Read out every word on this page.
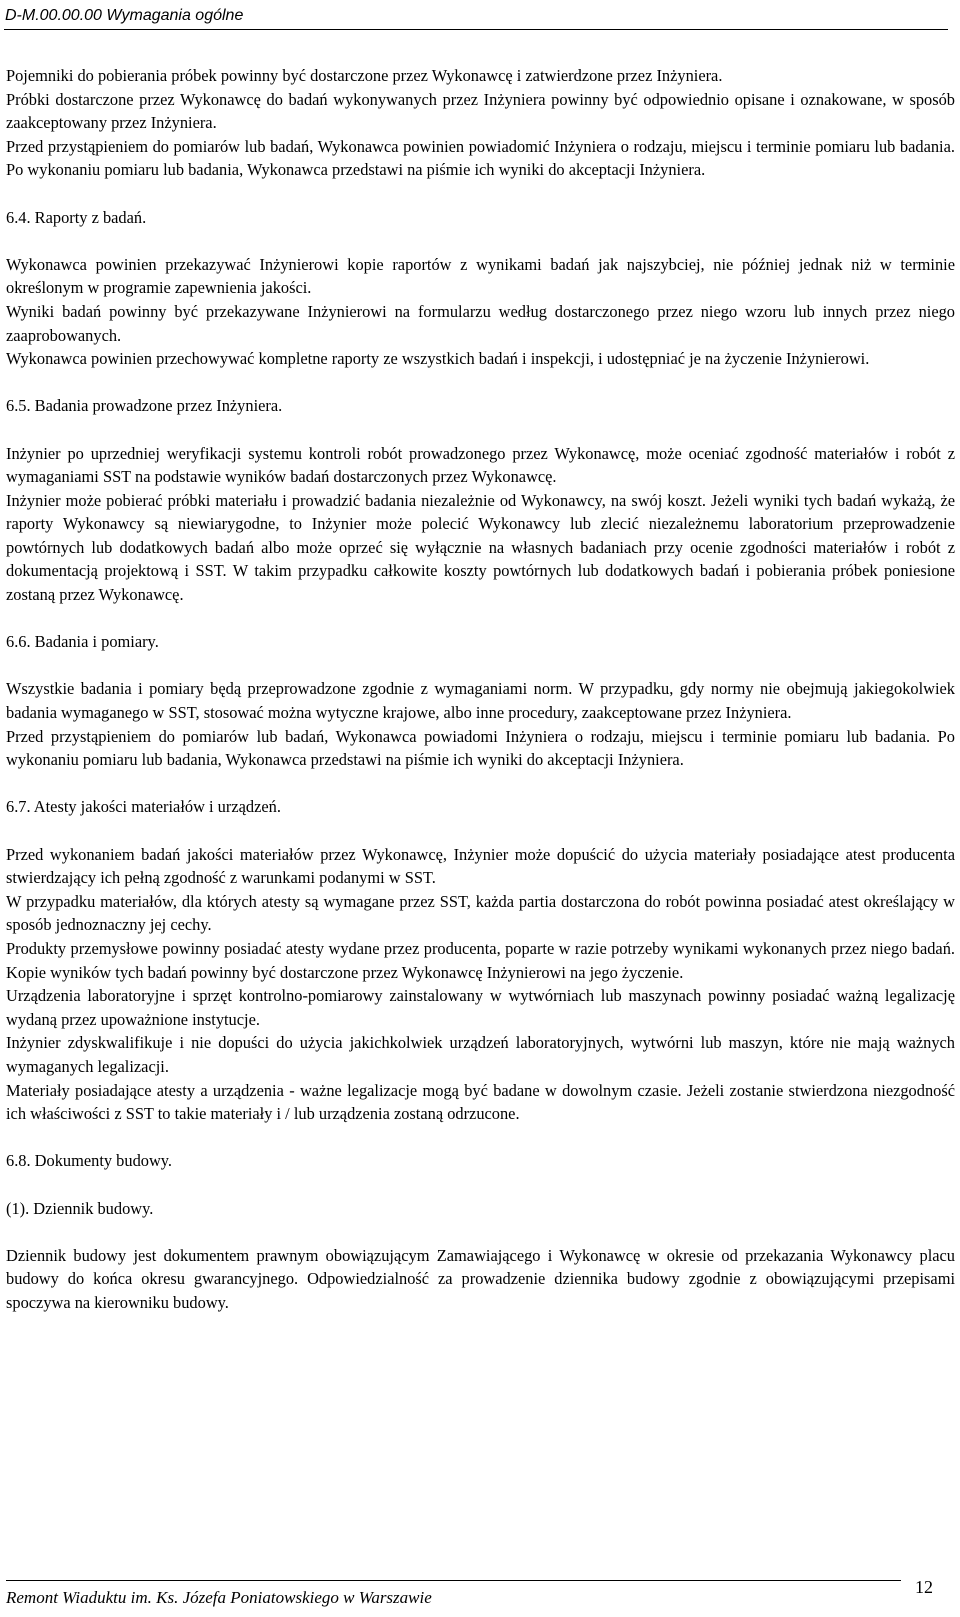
D-M.00.00.00 Wymagania ogólne

Pojemniki do pobierania próbek powinny być dostarczone przez Wykonawcę i zatwierdzone przez Inżyniera.

Próbki dostarczone przez Wykonawcę do badań wykonywanych przez Inżyniera powinny być odpowiednio opisane i oznakowane, w sposób zaakceptowany przez Inżyniera.

Przed przystąpieniem do pomiarów lub badań, Wykonawca powinien powiadomić Inżyniera o rodzaju, miejscu i terminie pomiaru lub badania. Po wykonaniu pomiaru lub badania, Wykonawca przedstawi na piśmie ich wyniki do akceptacji Inżyniera.

6.4. Raporty z badań.

Wykonawca powinien przekazywać Inżynierowi kopie raportów z wynikami badań jak najszybciej, nie później jednak niż w terminie określonym w programie zapewnienia jakości.

Wyniki badań powinny być przekazywane Inżynierowi na formularzu według dostarczonego przez niego wzoru lub innych przez niego zaaprobowanych.

Wykonawca powinien przechowywać kompletne raporty ze wszystkich badań i inspekcji, i udostępniać je na życzenie Inżynierowi.

6.5. Badania prowadzone przez Inżyniera.

Inżynier po uprzedniej weryfikacji systemu kontroli robót prowadzonego przez Wykonawcę, może oceniać zgodność materiałów i robót z wymaganiami SST na podstawie wyników badań dostarczonych przez Wykonawcę.

Inżynier może pobierać próbki materiału i prowadzić badania niezależnie od Wykonawcy, na swój koszt. Jeżeli wyniki tych badań wykażą, że raporty Wykonawcy są niewiarygodne, to Inżynier może polecić Wykonawcy lub zlecić niezależnemu laboratorium przeprowadzenie powtórnych lub dodatkowych badań albo może oprzeć się wyłącznie na własnych badaniach przy ocenie zgodności materiałów i robót z dokumentacją projektową i SST. W takim przypadku całkowite koszty powtórnych lub dodatkowych badań i pobierania próbek poniesione zostaną przez Wykonawcę.

6.6. Badania i pomiary.

Wszystkie badania i pomiary będą przeprowadzone zgodnie z wymaganiami norm. W przypadku, gdy normy nie obejmują jakiegokolwiek badania wymaganego w SST, stosować można wytyczne krajowe, albo inne procedury, zaakceptowane przez Inżyniera.

Przed przystąpieniem do pomiarów lub badań, Wykonawca powiadomi Inżyniera o rodzaju, miejscu i terminie pomiaru lub badania. Po wykonaniu pomiaru lub badania, Wykonawca przedstawi na piśmie ich wyniki do akceptacji Inżyniera.

6.7. Atesty jakości materiałów i urządzeń.

Przed wykonaniem badań jakości materiałów przez Wykonawcę, Inżynier może dopuścić do użycia materiały posiadające atest producenta stwierdzający ich pełną zgodność z warunkami podanymi w SST.

W przypadku materiałów, dla których atesty są wymagane przez SST, każda partia dostarczona do robót powinna posiadać atest określający w sposób jednoznaczny jej cechy.

Produkty przemysłowe powinny posiadać atesty wydane przez producenta, poparte w razie potrzeby wynikami wykonanych przez niego badań. Kopie wyników tych badań powinny być dostarczone przez Wykonawcę Inżynierowi na jego życzenie.

Urządzenia laboratoryjne i sprzęt kontrolno-pomiarowy zainstalowany w wytwórniach lub maszynach powinny posiadać ważną legalizację wydaną przez upoważnione instytucje.

Inżynier zdyskwalifikuje i nie dopuści do użycia jakichkolwiek urządzeń laboratoryjnych, wytwórni lub maszyn, które nie mają ważnych wymaganych legalizacji.

Materiały posiadające atesty a urządzenia - ważne legalizacje mogą być badane w dowolnym czasie. Jeżeli zostanie stwierdzona niezgodność ich właściwości z SST to takie materiały i / lub urządzenia zostaną odrzucone.

6.8. Dokumenty budowy.
(1). Dziennik budowy.

Dziennik budowy jest dokumentem prawnym obowiązującym Zamawiającego i Wykonawcę w okresie od przekazania Wykonawcy placu budowy do końca okresu gwarancyjnego. Odpowiedzialność za prowadzenie dziennika budowy zgodnie z obowiązującymi przepisami spoczywa na kierowniku budowy.

Remont Wiaduktu im. Ks. Józefa Poniatowskiego w Warszawie
12
